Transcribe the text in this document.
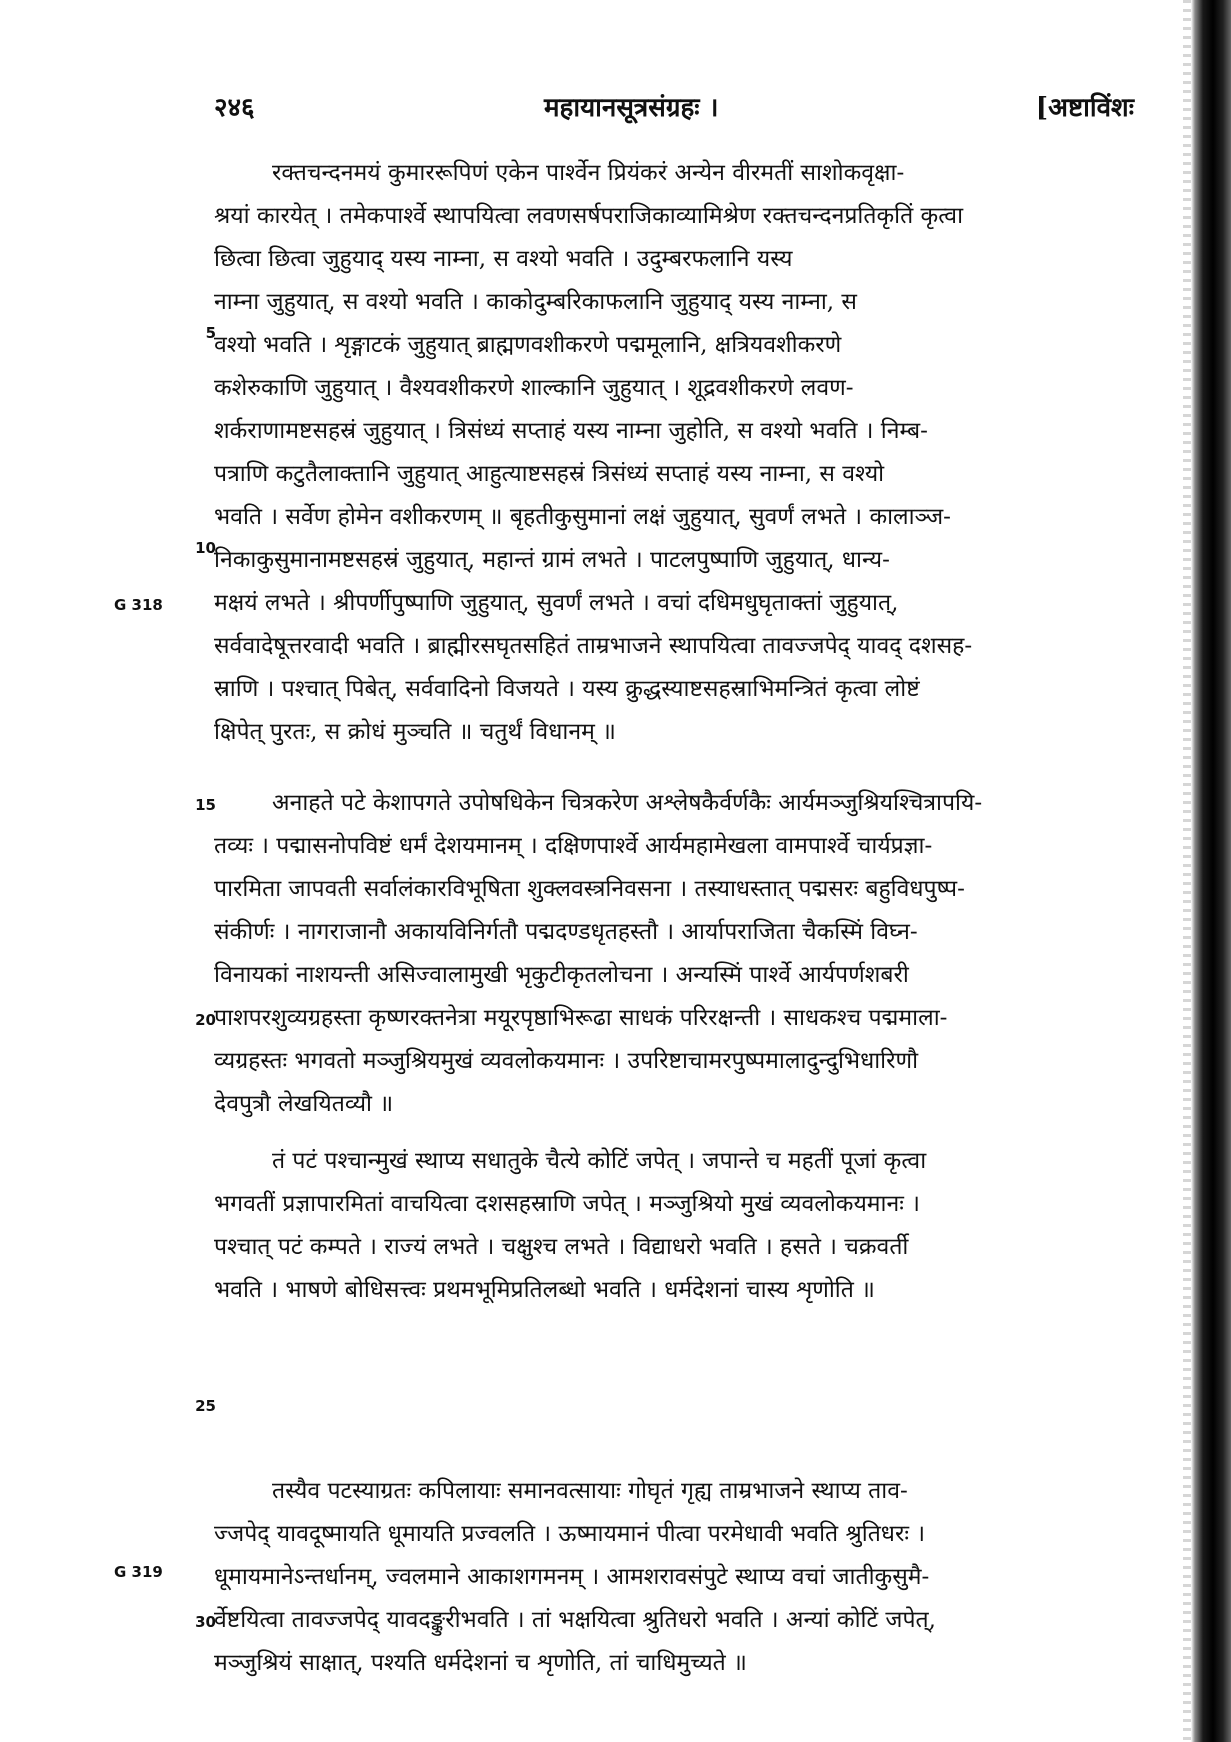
२४६	महायानसूत्रसंग्रहः ।	[अष्टाविंशः
G 318
G 319
5
10
15
20
25
30
रक्तचन्दनमयं कुमाररूपिणं एकेन पार्श्वेन प्रियंकरं अन्येन वीरमतीं साशोकवृक्षा-
श्रयां कारयेत् । तमेकपार्श्वे स्थापयित्वा लवणसर्षपराजिकाव्यामिश्रेण रक्तचन्दनप्रतिकृतिं कृत्वा
छित्वा छित्वा जुहुयाद् यस्य नाम्ना, स वश्यो भवति । उदुम्बरफलानि यस्य
नाम्ना जुहुयात्, स वश्यो भवति । काकोदुम्बरिकाफलानि जुहुयाद् यस्य नाम्ना, स
वश्यो भवति । शृङ्गाटकं जुहुयात् ब्राह्मणवशीकरणे पद्ममूलानि, क्षत्रियवशीकरणे
कशेरुकाणि जुहुयात् । वैश्यवशीकरणे शाल्कानि जुहुयात् । शूद्रवशीकरणे लवण-
शर्कराणामष्टसहस्रं जुहुयात् । त्रिसंध्यं सप्ताहं यस्य नाम्ना जुहोति, स वश्यो भवति । निम्ब-
पत्राणि कटुतैलाक्तानि जुहुयात् आहुत्याष्टसहस्रं त्रिसंध्यं सप्ताहं यस्य नाम्ना, स वश्यो
भवति । सर्वेण होमेन वशीकरणम् ॥ बृहतीकुसुमानां लक्षं जुहुयात्, सुवर्णं लभते । कालाञ्ज-
निकाकुसुमानामष्टसहस्रं जुहुयात्, महान्तं ग्रामं लभते । पाटलपुष्पाणि जुहुयात्, धान्य-
मक्षयं लभते । श्रीपर्णीपुष्पाणि जुहुयात्, सुवर्णं लभते । वचां दधिमधुघृताक्तां जुहुयात्,
सर्ववादेषूत्तरवादी भवति । ब्राह्मीरसघृतसहितं ताम्रभाजने स्थापयित्वा तावज्जपेद् यावद् दशसह-
स्राणि । पश्चात् पिबेत्, सर्ववादिनो विजयते । यस्य क्रुद्धस्याष्टसहस्राभिमन्त्रितं कृत्वा लोष्टं
क्षिपेत् पुरतः, स क्रोधं मुञ्चति ॥ चतुर्थं विधानम् ॥
अनाहते पटे केशापगते उपोषधिकेन चित्रकरेण अश्लेषकैर्वर्णकैः आर्यमञ्जुश्रियश्चित्रापयि-
तव्यः । पद्मासनोपविष्टं धर्मं देशयमानम् । दक्षिणपार्श्वे आर्यमहामेखला वामपार्श्वे चार्यप्रज्ञा-
पारमिता जापवती सर्वालंकारविभूषिता शुक्लवस्त्रनिवसना । तस्याधस्तात् पद्मसरः बहुविधपुष्प-
संकीर्णः । नागराजानौ अकायविनिर्गतौ पद्मदण्डधृतहस्तौ । आर्यापराजिता चैकस्मिं विघ्न-
विनायकां नाशयन्ती असिज्वालामुखी भृकुटीकृतलोचना । अन्यस्मिं पार्श्वे आर्यपर्णशबरी
पाशपरशुव्यग्रहस्ता कृष्णरक्तनेत्रा मयूरपृष्ठाभिरूढा साधकं परिरक्षन्ती । साधकश्च पद्ममाला-
व्यग्रहस्तः भगवतो मञ्जुश्रियमुखं व्यवलोकयमानः । उपरिष्टाचामरपुष्पमालादुन्दुभिधारिणौ
देवपुत्रौ लेखयितव्यौ ॥
तं पटं पश्चान्मुखं स्थाप्य सधातुके चैत्ये कोटिं जपेत् । जपान्ते च महतीं पूजां कृत्वा
भगवतीं प्रज्ञापारमितां वाचयित्वा दशसहस्राणि जपेत् । मञ्जुश्रियो मुखं व्यवलोकयमानः ।
पश्चात् पटं कम्पते । राज्यं लभते । चक्षुश्च लभते । विद्याधरो भवति । हसते । चक्रवर्ती
भवति । भाषणे बोधिसत्त्वः प्रथमभूमिप्रतिलब्धो भवति । धर्मदेशनां चास्य शृणोति ॥
तस्यैव पटस्याग्रतः कपिलायाः समानवत्सायाः गोघृतं गृह्य ताम्रभाजने स्थाप्य ताव-
ज्जपेद् यावदूष्मायति धूमायति प्रज्वलति । ऊष्मायमानं पीत्वा परमेधावी भवति श्रुतिधरः ।
धूमायमानेऽन्तर्धानम्, ज्वलमाने आकाशगमनम् । आमशरावसंपुटे स्थाप्य वचां जातीकुसुमै-
र्वेष्टयित्वा तावज्जपेद् यावदङ्कुरीभवति । तां भक्षयित्वा श्रुतिधरो भवति । अन्यां कोटिं जपेत्,
मञ्जुश्रियं साक्षात्, पश्यति धर्मदेशनां च शृणोति, तां चाधिमुच्यते ॥
